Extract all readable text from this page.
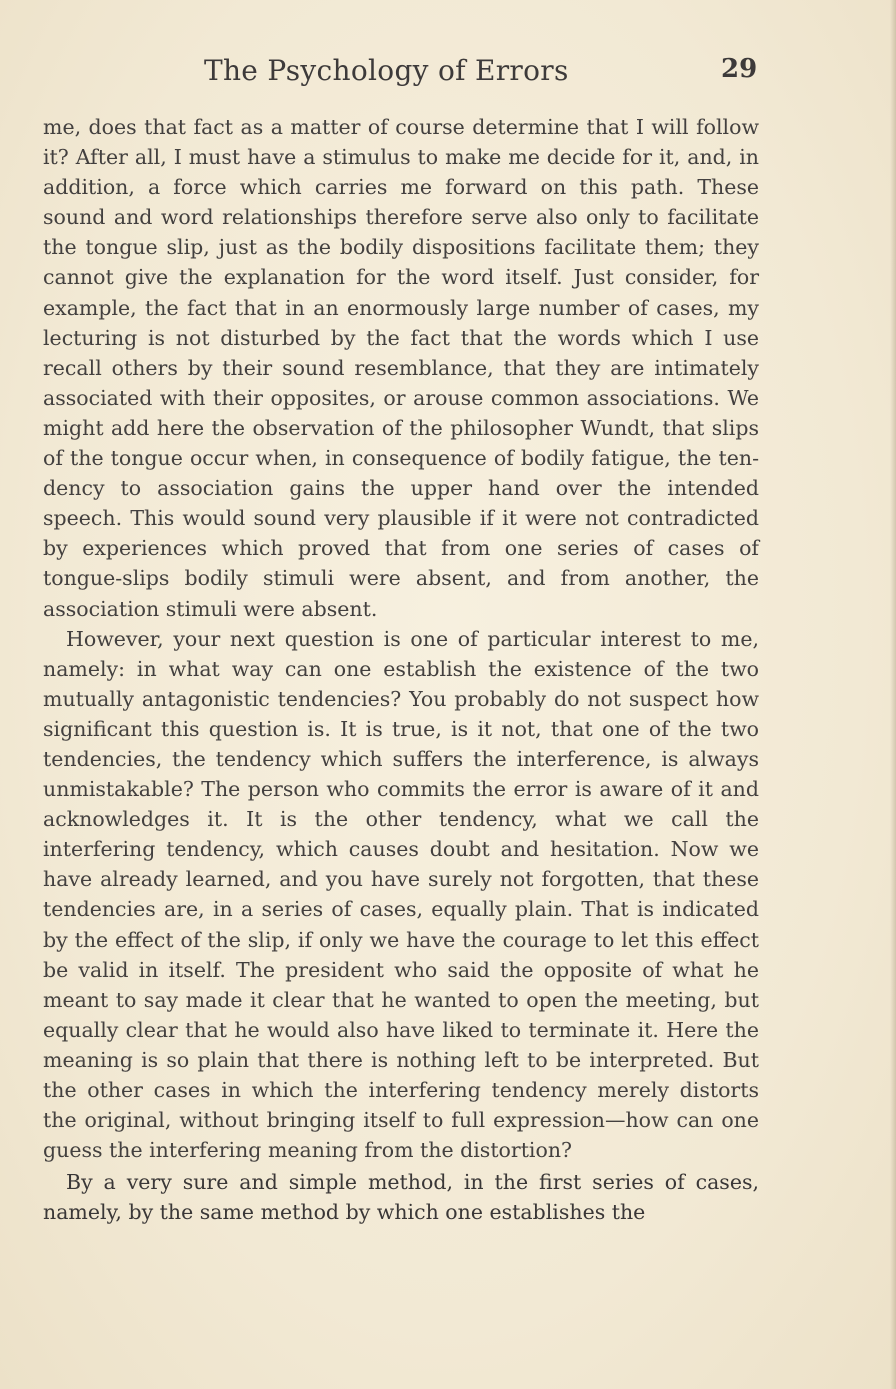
The Psychology of Errors	29

me, does that fact as a matter of course determine that I will follow it? After all, I must have a stimulus to make me decide for it, and, in addition, a force which carries me forward on this path. These sound and word relationships therefore serve also only to facilitate the tongue slip, just as the bodily dispositions facilitate them; they cannot give the explanation for the word itself. Just consider, for example, the fact that in an enormously large number of cases, my lecturing is not disturbed by the fact that the words which I use recall others by their sound resemblance, that they are intimately associated with their opposites, or arouse common associations. We might add here the observation of the philosopher Wundt, that slips of the tongue occur when, in consequence of bodily fatigue, the tendency to association gains the upper hand over the intended speech. This would sound very plausible if it were not contradicted by experiences which proved that from one series of cases of tongue-slips bodily stimuli were absent, and from another, the association stimuli were absent.

However, your next question is one of particular interest to me, namely: in what way can one establish the existence of the two mutually antagonistic tendencies? You probably do not suspect how significant this question is. It is true, is it not, that one of the two tendencies, the tendency which suffers the interference, is always unmistakable? The person who commits the error is aware of it and acknowledges it. It is the other tendency, what we call the interfering tendency, which causes doubt and hesitation. Now we have already learned, and you have surely not forgotten, that these tendencies are, in a series of cases, equally plain. That is indicated by the effect of the slip, if only we have the courage to let this effect be valid in itself. The president who said the opposite of what he meant to say made it clear that he wanted to open the meeting, but equally clear that he would also have liked to terminate it. Here the meaning is so plain that there is nothing left to be interpreted. But the other cases in which the interfering tendency merely distorts the original, without bringing itself to full expression—how can one guess the interfering meaning from the distortion?

By a very sure and simple method, in the first series of cases, namely, by the same method by which one establishes the
